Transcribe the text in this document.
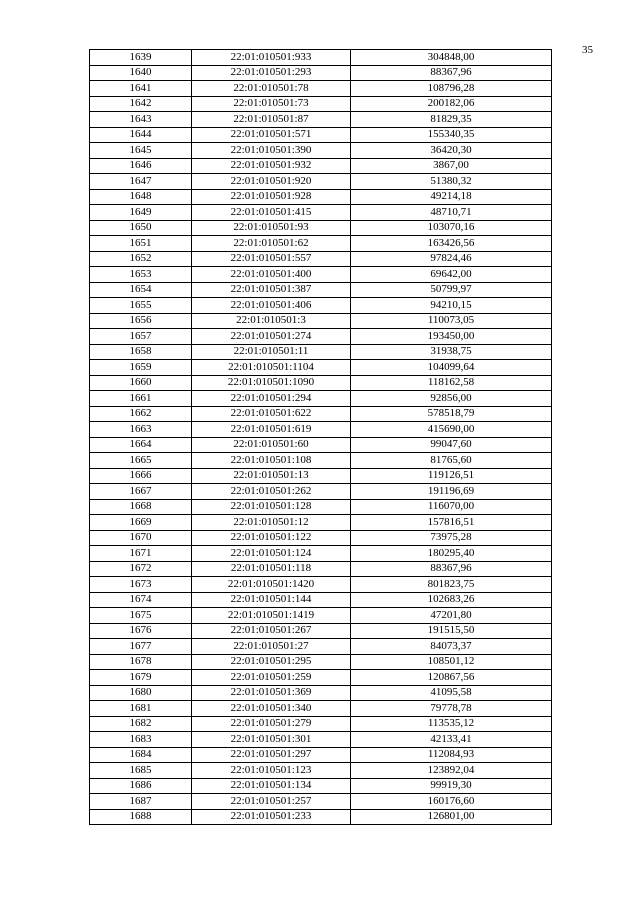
35
1639	22:01:010501:933	304848,00
1640	22:01:010501:293	88367,96
1641	22:01:010501:78	108796,28
1642	22:01:010501:73	200182,06
1643	22:01:010501:87	81829,35
1644	22:01:010501:571	155340,35
1645	22:01:010501:390	36420,30
1646	22:01:010501:932	3867,00
1647	22:01:010501:920	51380,32
1648	22:01:010501:928	49214,18
1649	22:01:010501:415	48710,71
1650	22:01:010501:93	103070,16
1651	22:01:010501:62	163426,56
1652	22:01:010501:557	97824,46
1653	22:01:010501:400	69642,00
1654	22:01:010501:387	50799,97
1655	22:01:010501:406	94210,15
1656	22:01:010501:3	110073,05
1657	22:01:010501:274	193450,00
1658	22:01:010501:11	31938,75
1659	22:01:010501:1104	104099,64
1660	22:01:010501:1090	118162,58
1661	22:01:010501:294	92856,00
1662	22:01:010501:622	578518,79
1663	22:01:010501:619	415690,00
1664	22:01:010501:60	99047,60
1665	22:01:010501:108	81765,60
1666	22:01:010501:13	119126,51
1667	22:01:010501:262	191196,69
1668	22:01:010501:128	116070,00
1669	22:01:010501:12	157816,51
1670	22:01:010501:122	73975,28
1671	22:01:010501:124	180295,40
1672	22:01:010501:118	88367,96
1673	22:01:010501:1420	801823,75
1674	22:01:010501:144	102683,26
1675	22:01:010501:1419	47201,80
1676	22:01:010501:267	191515,50
1677	22:01:010501:27	84073,37
1678	22:01:010501:295	108501,12
1679	22:01:010501:259	120867,56
1680	22:01:010501:369	41095,58
1681	22:01:010501:340	79778,78
1682	22:01:010501:279	113535,12
1683	22:01:010501:301	42133,41
1684	22:01:010501:297	112084,93
1685	22:01:010501:123	123892,04
1686	22:01:010501:134	99919,30
1687	22:01:010501:257	160176,60
1688	22:01:010501:233	126801,00
